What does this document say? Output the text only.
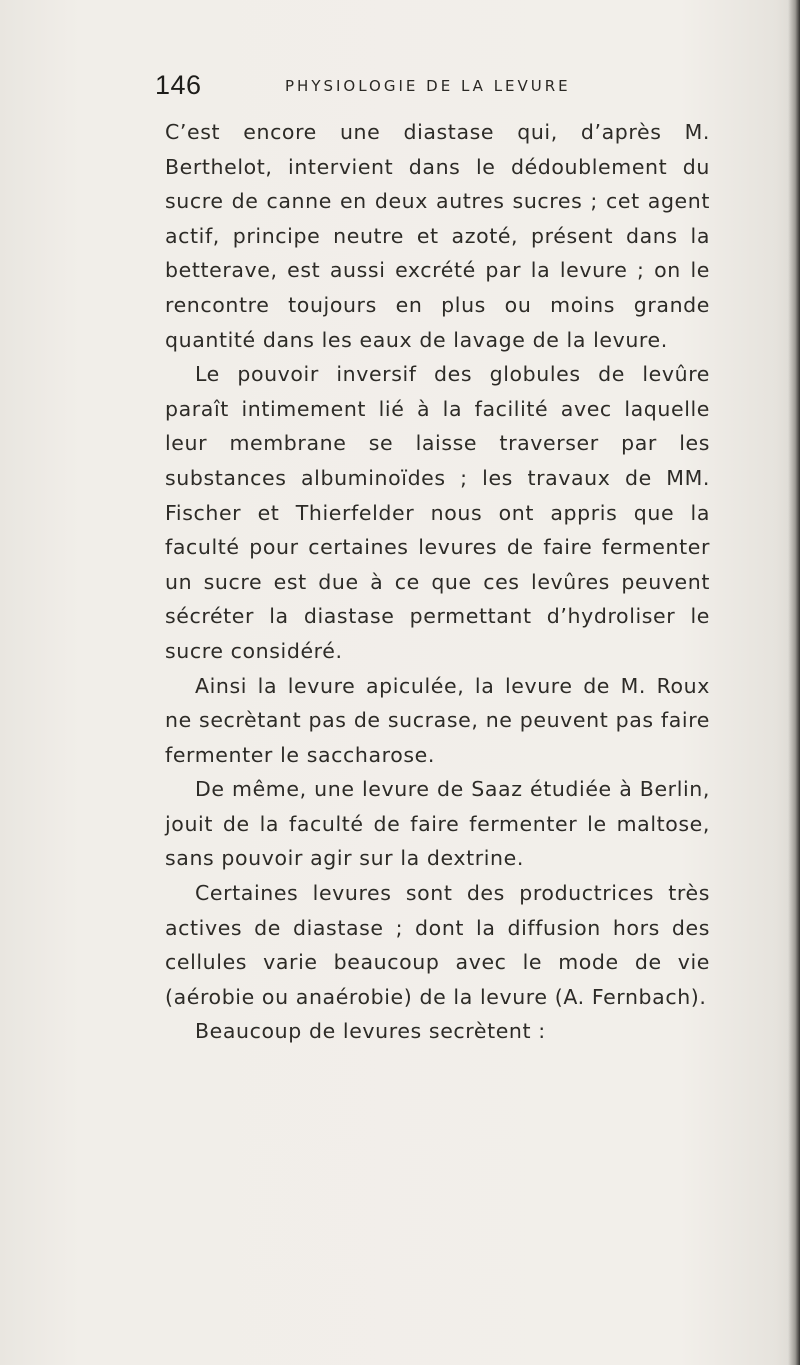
146	PHYSIOLOGIE DE LA LEVURE

C’est encore une diastase qui, d’après M. Berthelot, intervient dans le dédoublement du sucre de canne en deux autres sucres ; cet agent actif, principe neutre et azoté, présent dans la betterave, est aussi excrété par la levure ; on le rencontre toujours en plus ou moins grande quantité dans les eaux de lavage de la levure.

Le pouvoir inversif des globules de levûre paraît intimement lié à la facilité avec laquelle leur membrane se laisse traverser par les substances albuminoïdes ; les travaux de MM. Fischer et Thierfelder nous ont appris que la faculté pour certaines levures de faire fermenter un sucre est due à ce que ces levûres peuvent sécréter la diastase permettant d’hydroliser le sucre considéré.

Ainsi la levure apiculée, la levure de M. Roux ne secrètant pas de sucrase, ne peuvent pas faire fermenter le saccharose.

De même, une levure de Saaz étudiée à Berlin, jouit de la faculté de faire fermenter le maltose, sans pouvoir agir sur la dextrine.

Certaines levures sont des productrices très actives de diastase ; dont la diffusion hors des cellules varie beaucoup avec le mode de vie (aérobie ou anaérobie) de la levure (A. Fernbach).

Beaucoup de levures secrètent :
